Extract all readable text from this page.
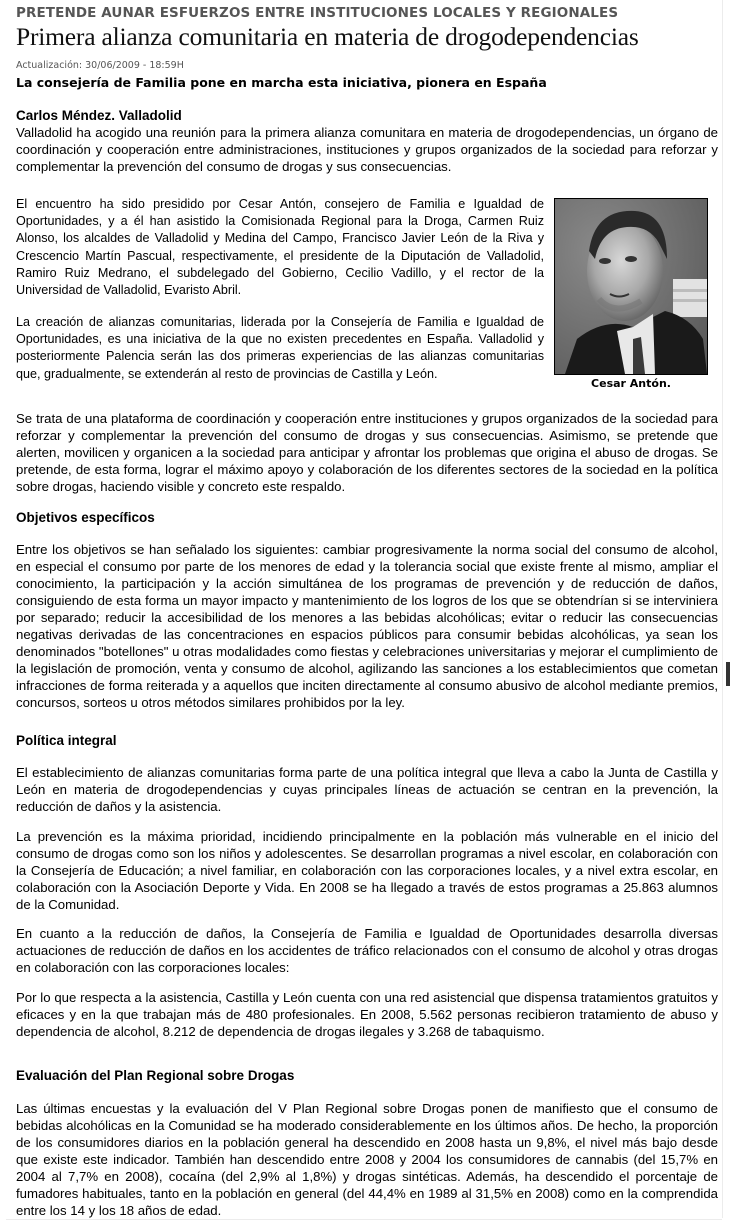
PRETENDE AUNAR ESFUERZOS ENTRE INSTITUCIONES LOCALES Y REGIONALES
Primera alianza comunitaria en materia de drogodependencias
Actualización: 30/06/2009 - 18:59H
La consejería de Familia pone en marcha esta iniciativa, pionera en España
Carlos Méndez. Valladolid

Valladolid ha acogido una reunión para la primera alianza comunitara en materia de drogodependencias, un órgano de coordinación y cooperación entre administraciones, instituciones y grupos organizados de la sociedad para reforzar y complementar la prevención del consumo de drogas y sus consecuencias.

El encuentro ha sido presidido por Cesar Antón, consejero de Familia e Igualdad de Oportunidades, y a él han asistido la Comisionada Regional para la Droga, Carmen Ruiz Alonso, los alcaldes de Valladolid y Medina del Campo, Francisco Javier León de la Riva y Crescencio Martín Pascual, respectivamente, el presidente de la Diputación de Valladolid, Ramiro Ruiz Medrano, el subdelegado del Gobierno, Cecilio Vadillo, y el rector de la Universidad de Valladolid, Evaristo Abril.

La creación de alianzas comunitarias, liderada por la Consejería de Familia e Igualdad de Oportunidades, es una iniciativa de la que no existen precedentes en España. Valladolid y posteriormente Palencia serán las dos primeras experiencias de las alianzas comunitarias que, gradualmente, se extenderán al resto de provincias de Castilla y León.

Se trata de una plataforma de coordinación y cooperación entre instituciones y grupos organizados de la sociedad para reforzar y complementar la prevención del consumo de drogas y sus consecuencias. Asimismo, se pretende que alerten, movilicen y organicen a la sociedad para anticipar y afrontar los problemas que origina el abuso de drogas. Se pretende, de esta forma, lograr el máximo apoyo y colaboración de los diferentes sectores de la sociedad en la política sobre drogas, haciendo visible y concreto este respaldo.

Objetivos específicos

Entre los objetivos se han señalado los siguientes: cambiar progresivamente la norma social del consumo de alcohol, en especial el consumo por parte de los menores de edad y la tolerancia social que existe frente al mismo, ampliar el conocimiento, la participación y la acción simultánea de los programas de prevención y de reducción de daños, consiguiendo de esta forma un mayor impacto y mantenimiento de los logros de los que se obtendrían si se interviniera por separado; reducir la accesibilidad de los menores a las bebidas alcohólicas; evitar o reducir las consecuencias negativas derivadas de las concentraciones en espacios públicos para consumir bebidas alcohólicas, ya sean los denominados "botellones" u otras modalidades como fiestas y celebraciones universitarias y mejorar el cumplimiento de la legislación de promoción, venta y consumo de alcohol, agilizando las sanciones a los establecimientos que cometan infracciones de forma reiterada y a aquellos que inciten directamente al consumo abusivo de alcohol mediante premios, concursos, sorteos u otros métodos similares prohibidos por la ley.

Política integral

El establecimiento de alianzas comunitarias forma parte de una política integral que lleva a cabo la Junta de Castilla y León en materia de drogodependencias y cuyas principales líneas de actuación se centran en la prevención, la reducción de daños y la asistencia.

La prevención es la máxima prioridad, incidiendo principalmente en la población más vulnerable en el inicio del consumo de drogas como son los niños y adolescentes. Se desarrollan programas a nivel escolar, en colaboración con la Consejería de Educación; a nivel familiar, en colaboración con las corporaciones locales, y a nivel extra escolar, en colaboración con la Asociación Deporte y Vida. En 2008 se ha llegado a través de estos programas a 25.863 alumnos de la Comunidad.

En cuanto a la reducción de daños, la Consejería de Familia e Igualdad de Oportunidades desarrolla diversas actuaciones de reducción de daños en los accidentes de tráfico relacionados con el consumo de alcohol y otras drogas en colaboración con las corporaciones locales:

Por lo que respecta a la asistencia, Castilla y León cuenta con una red asistencial que dispensa tratamientos gratuitos y eficaces y en la que trabajan más de 480 profesionales. En 2008, 5.562 personas recibieron tratamiento de abuso y dependencia de alcohol, 8.212 de dependencia de drogas ilegales y 3.268 de tabaquismo.

Evaluación del Plan Regional sobre Drogas

Las últimas encuestas y la evaluación del V Plan Regional sobre Drogas ponen de manifiesto que el consumo de bebidas alcohólicas en la Comunidad se ha moderado considerablemente en los últimos años. De hecho, la proporción de los consumidores diarios en la población general ha descendido en 2008 hasta un 9,8%, el nivel más bajo desde que existe este indicador. También han descendido entre 2008 y 2004 los consumidores de cannabis (del 15,7% en 2004 al 7,7% en 2008), cocaína (del 2,9% al 1,8%) y drogas sintéticas. Además, ha descendido el porcentaje de fumadores habituales, tanto en la población en general (del 44,4% en 1989 al 31,5% en 2008) como en la comprendida entre los 14 y los 18 años de edad.

Cesar Antón.
